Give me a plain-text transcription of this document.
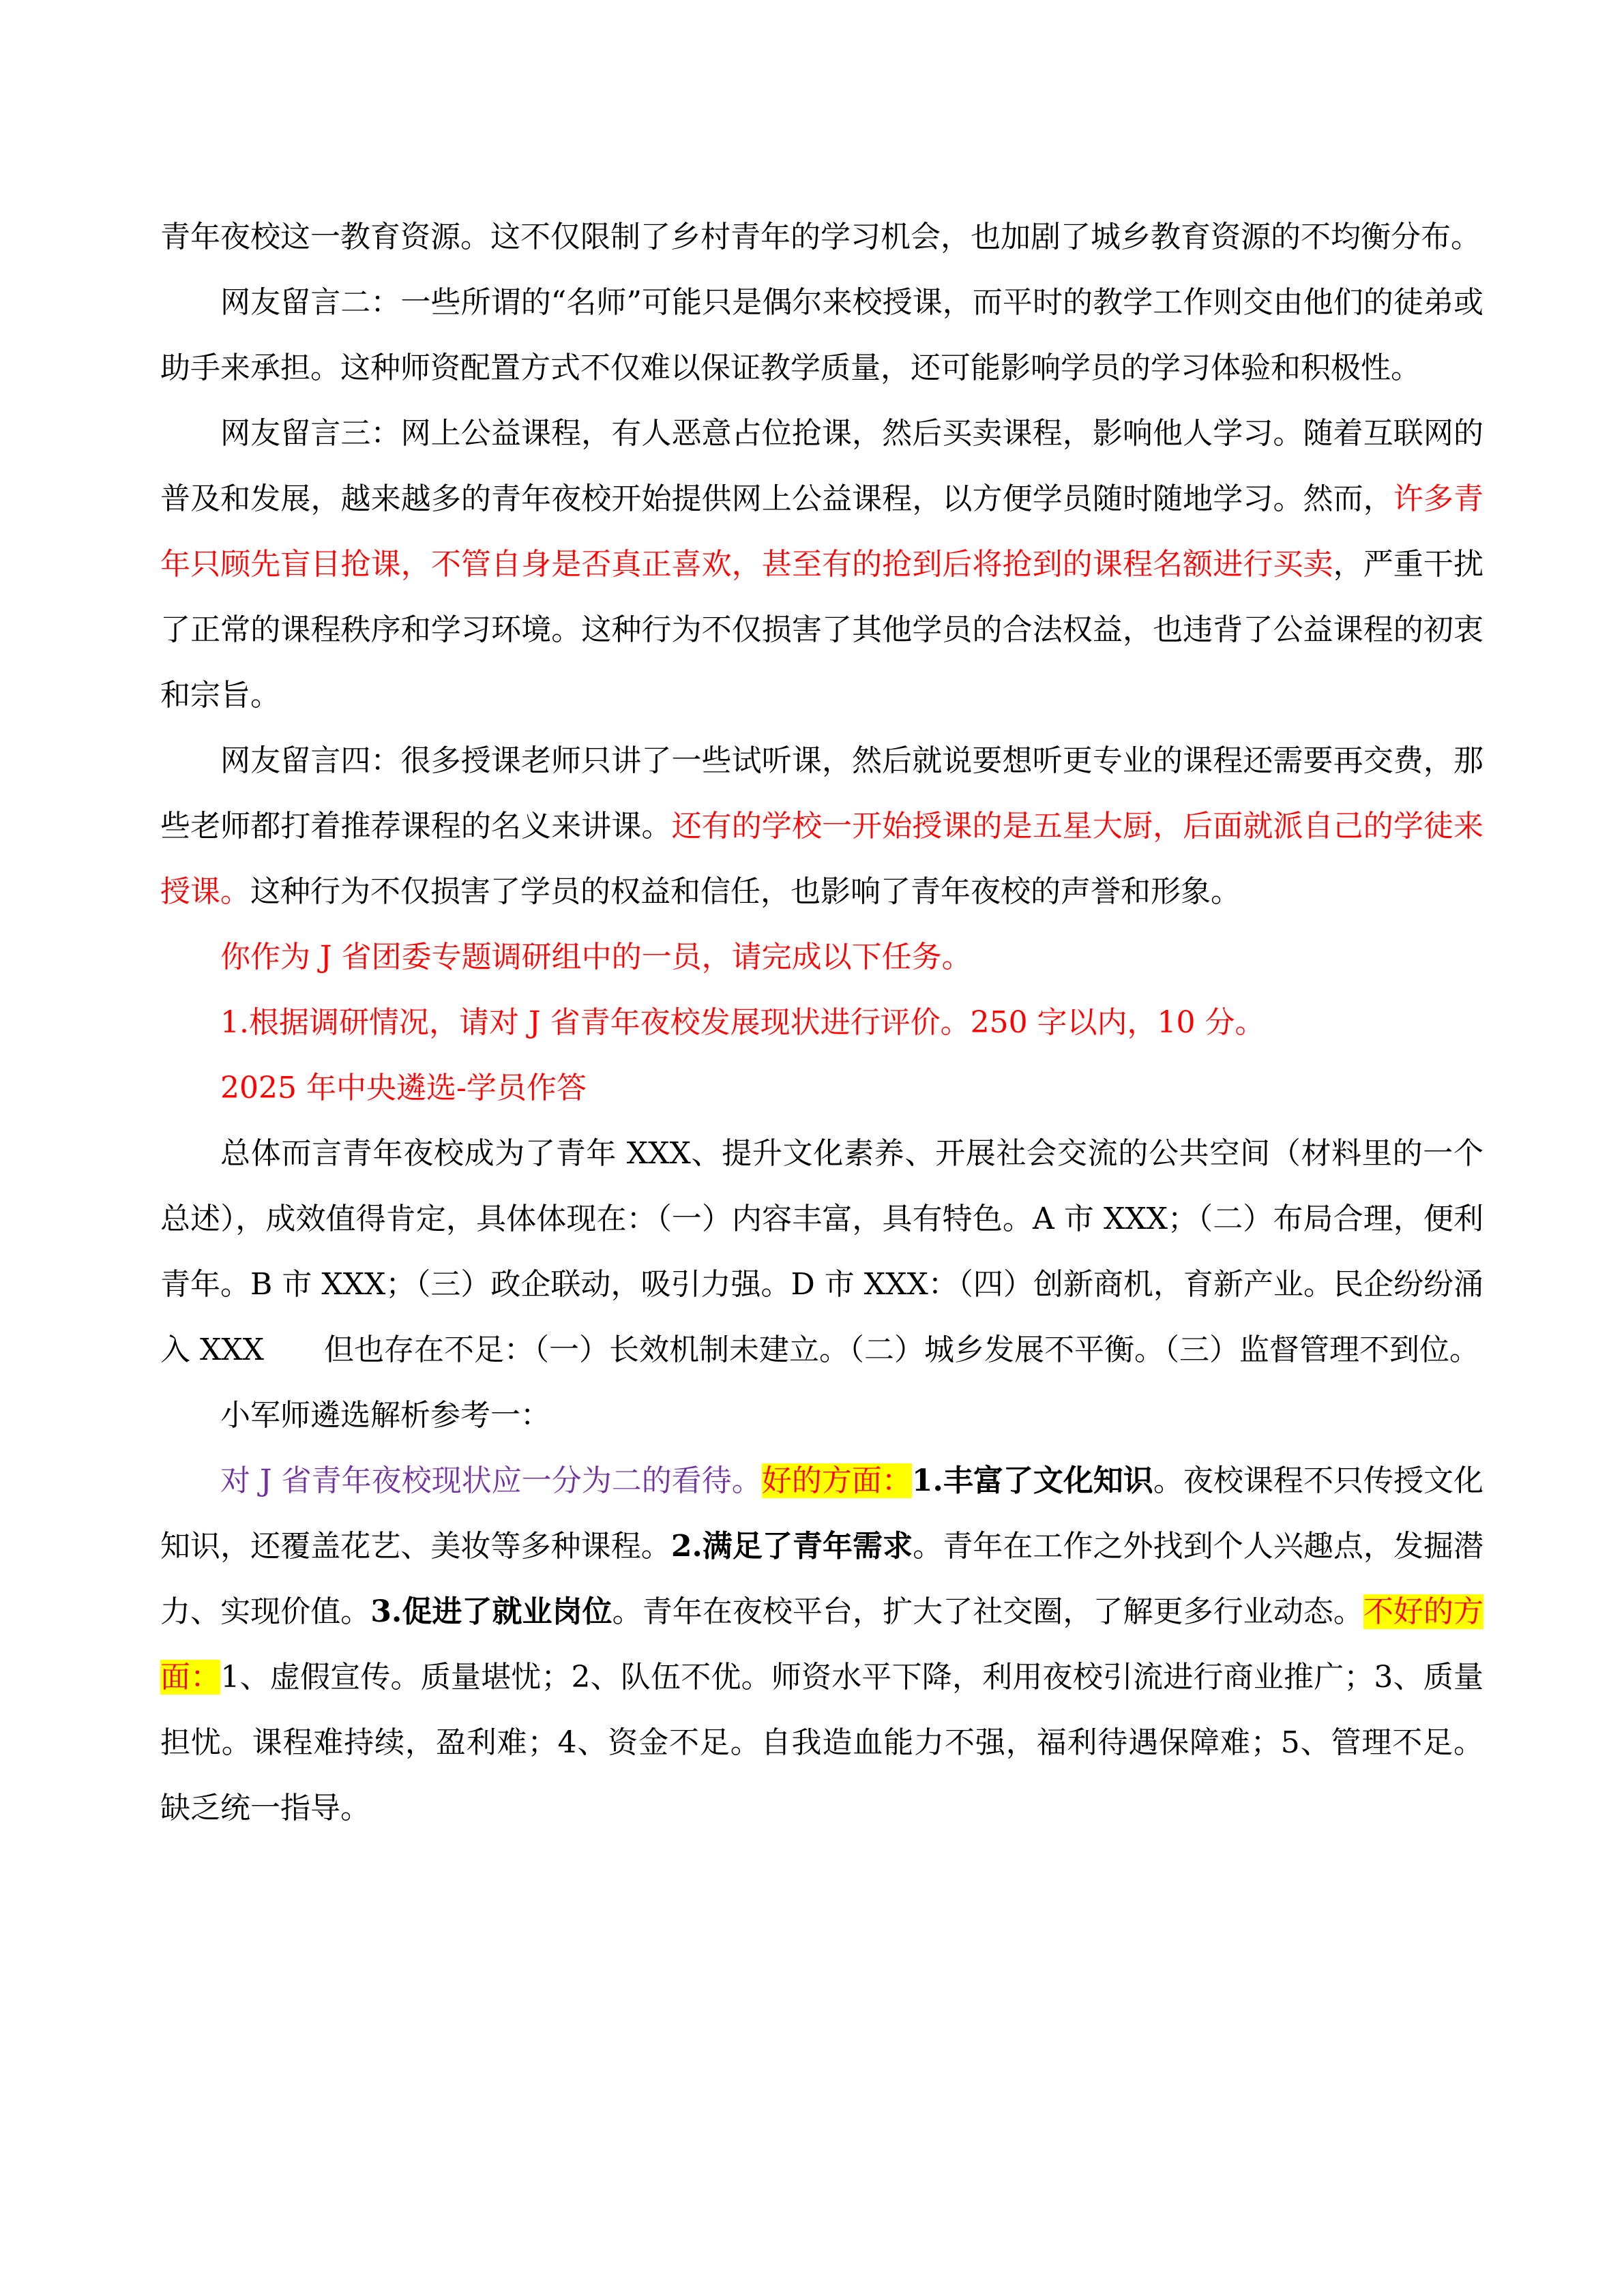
青年夜校这一教育资源。这不仅限制了乡村青年的学习机会，也加剧了城乡教育资源的不均衡分布。

网友留言二：一些所谓的“名师”可能只是偶尔来校授课，而平时的教学工作则交由他们的徒弟或助手来承担。这种师资配置方式不仅难以保证教学质量，还可能影响学员的学习体验和积极性。

网友留言三：网上公益课程，有人恶意占位抢课，然后买卖课程，影响他人学习。随着互联网的普及和发展，越来越多的青年夜校开始提供网上公益课程，以方便学员随时随地学习。然而，许多青年只顾先盲目抢课，不管自身是否真正喜欢，甚至有的抢到后将抢到的课程名额进行买卖，严重干扰了正常的课程秩序和学习环境。这种行为不仅损害了其他学员的合法权益，也违背了公益课程的初衷和宗旨。

网友留言四：很多授课老师只讲了一些试听课，然后就说要想听更专业的课程还需要再交费，那些老师都打着推荐课程的名义来讲课。还有的学校一开始授课的是五星大厨，后面就派自己的学徒来授课。这种行为不仅损害了学员的权益和信任，也影响了青年夜校的声誉和形象。

你作为 J 省团委专题调研组中的一员，请完成以下任务。

1.根据调研情况，请对 J 省青年夜校发展现状进行评价。250 字以内，10 分。

2025 年中央遴选-学员作答

总体而言青年夜校成为了青年 XXX、提升文化素养、开展社会交流的公共空间（材料里的一个总述），成效值得肯定，具体体现在：（一）内容丰富，具有特色。A 市 XXX；（二）布局合理，便利青年。B 市 XXX；（三）政企联动，吸引力强。D 市 XXX：（四）创新商机，育新产业。民企纷纷涌入 XXX　　但也存在不足：（一）长效机制未建立。（二）城乡发展不平衡。（三）监督管理不到位。

小军师遴选解析参考一：

对 J 省青年夜校现状应一分为二的看待。好的方面：1.丰富了文化知识。夜校课程不只传授文化知识，还覆盖花艺、美妆等多种课程。2.满足了青年需求。青年在工作之外找到个人兴趣点，发掘潜力、实现价值。3.促进了就业岗位。青年在夜校平台，扩大了社交圈，了解更多行业动态。不好的方面：1、虚假宣传。质量堪忧；2、队伍不优。师资水平下降，利用夜校引流进行商业推广；3、质量担忧。课程难持续，盈利难；4、资金不足。自我造血能力不强，福利待遇保障难；5、管理不足。缺乏统一指导。
